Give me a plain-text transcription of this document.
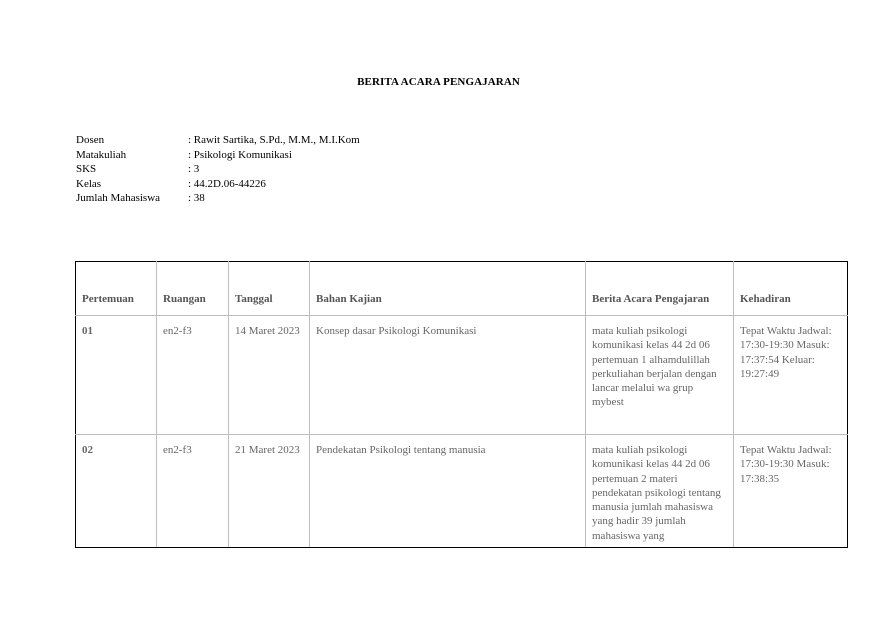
BERITA ACARA PENGAJARAN
Dosen	: Rawit Sartika, S.Pd., M.M., M.I.Kom
Matakuliah	: Psikologi Komunikasi
SKS	: 3
Kelas	: 44.2D.06-44226
Jumlah Mahasiswa	: 38
Pertemuan	Ruangan	Tanggal	Bahan Kajian	Berita Acara Pengajaran	Kehadiran
01	en2-f3	14 Maret 2023	Konsep dasar Psikologi Komunikasi	mata kuliah psikologi komunikasi kelas 44 2d 06 pertemuan 1 alhamdulillah perkuliahan berjalan dengan lancar melalui wa grup mybest	Tepat Waktu Jadwal: 17:30-19:30 Masuk: 17:37:54 Keluar: 19:27:49
02	en2-f3	21 Maret 2023	Pendekatan Psikologi tentang manusia	mata kuliah psikologi komunikasi kelas 44 2d 06 pertemuan 2 materi pendekatan psikologi tentang manusia jumlah mahasiswa yang hadir 39 jumlah mahasiswa yang	Tepat Waktu Jadwal: 17:30-19:30 Masuk: 17:38:35
